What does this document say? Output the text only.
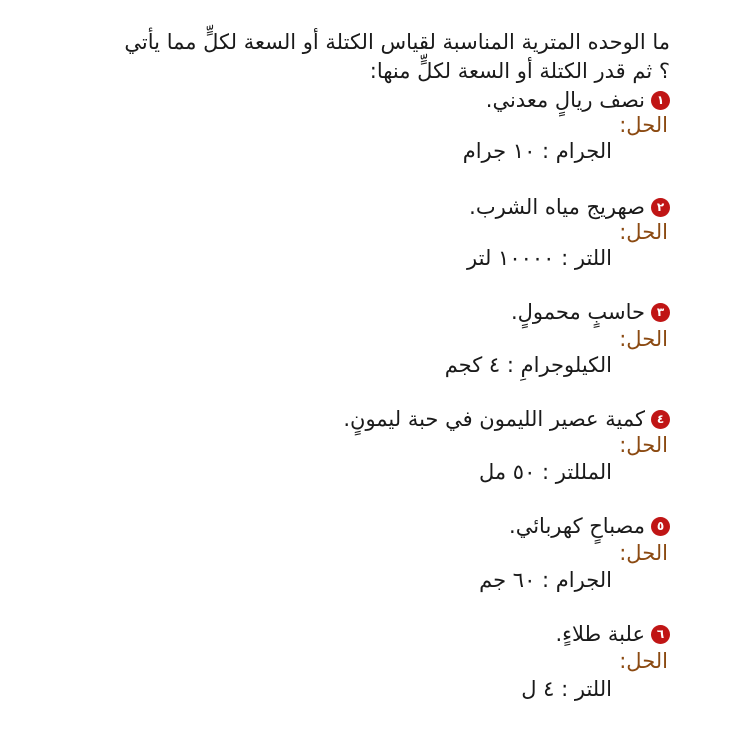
ما الوحده المترية المناسبة لقياس الكتلة أو السعة لكلٍّ مما يأتي ؟ ثم قدر الكتلة أو السعة لكلٍّ منها:

١
نصف ريالٍ معدني.
الحل:
الجرام : ١٠ جرام
٢
صهريج مياه الشرب.
الحل:
اللتر : ١٠٠٠٠ لتر
٣
حاسبٍ محمولٍ.
الحل:
الكيلوجرامِ : ٤ كجم
٤
كمية عصير الليمون في حبة ليمونٍ.
الحل:
المللتر : ٥٠ مل
٥
مصباحٍ كهربائي.
الحل:
الجرام : ٦٠ جم
٦
علبة طلاءٍ.
الحل:
اللتر : ٤ ل
